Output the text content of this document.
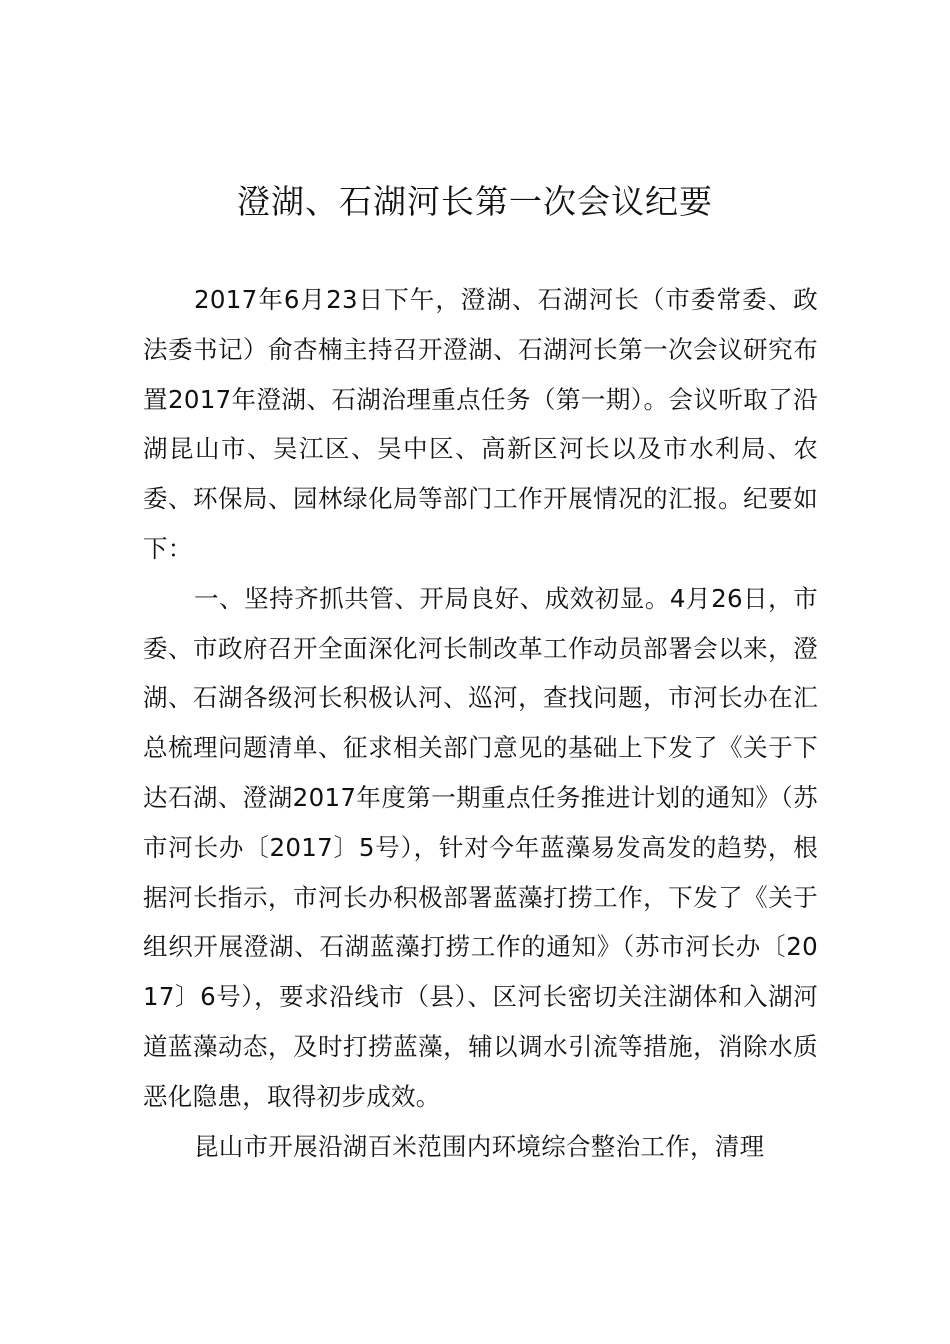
澄湖、石湖河长第一次会议纪要

2017年6月23日下午，澄湖、石湖河长（市委常委、政法委书记）俞杏楠主持召开澄湖、石湖河长第一次会议研究布置2017年澄湖、石湖治理重点任务（第一期）。会议听取了沿湖昆山市、吴江区、吴中区、高新区河长以及市水利局、农委、环保局、园林绿化局等部门工作开展情况的汇报。纪要如下：

一、坚持齐抓共管、开局良好、成效初显。4月26日，市委、市政府召开全面深化河长制改革工作动员部署会以来，澄湖、石湖各级河长积极认河、巡河，查找问题，市河长办在汇总梳理问题清单、征求相关部门意见的基础上下发了《关于下达石湖、澄湖2017年度第一期重点任务推进计划的通知》（苏市河长办〔2017〕5号），针对今年蓝藻易发高发的趋势，根据河长指示，市河长办积极部署蓝藻打捞工作，下发了《关于组织开展澄湖、石湖蓝藻打捞工作的通知》（苏市河长办〔2017〕6号），要求沿线市（县）、区河长密切关注湖体和入湖河道蓝藻动态，及时打捞蓝藻，辅以调水引流等措施，消除水质恶化隐患，取得初步成效。

昆山市开展沿湖百米范围内环境综合整治工作，清理
